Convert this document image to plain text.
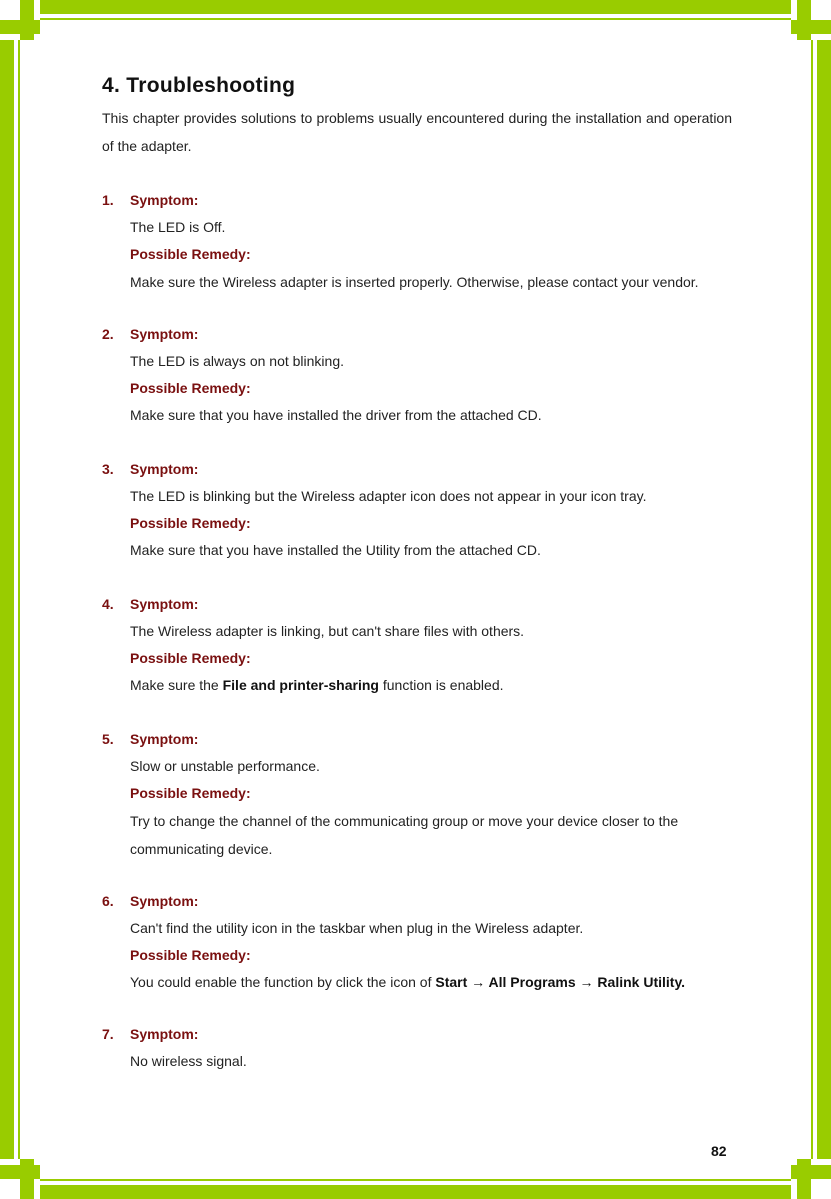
4. Troubleshooting

This chapter provides solutions to problems usually encountered during the installation and operation of the adapter.

1. Symptom:
The LED is Off.
Possible Remedy:
Make sure the Wireless adapter is inserted properly. Otherwise, please contact your vendor.
2. Symptom:
The LED is always on not blinking.
Possible Remedy:
Make sure that you have installed the driver from the attached CD.
3. Symptom:
The LED is blinking but the Wireless adapter icon does not appear in your icon tray.
Possible Remedy:
Make sure that you have installed the Utility from the attached CD.
4. Symptom:
The Wireless adapter is linking, but can't share files with others.
Possible Remedy:
Make sure the File and printer-sharing function is enabled.
5. Symptom:
Slow or unstable performance.
Possible Remedy:
Try to change the channel of the communicating group or move your device closer to the communicating device.
6. Symptom:
Can't find the utility icon in the taskbar when plug in the Wireless adapter.
Possible Remedy:
You could enable the function by click the icon of Start → All Programs → Ralink Utility.
7. Symptom:
No wireless signal.
82
